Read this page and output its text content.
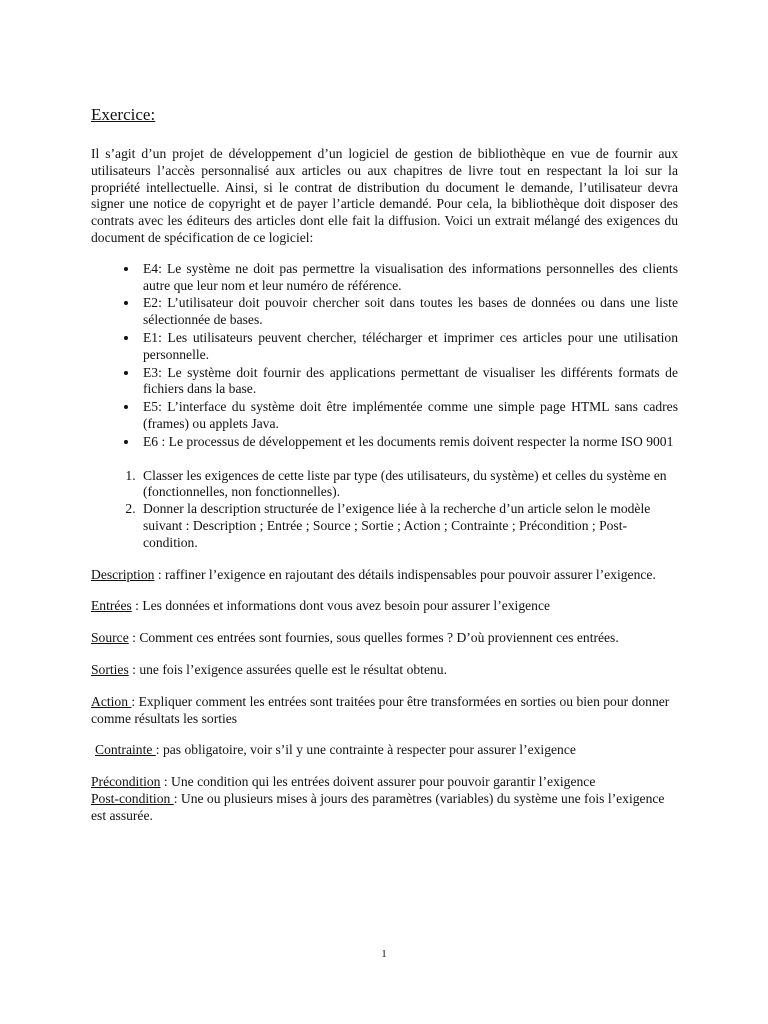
Exercice:

Il s’agit d’un projet de développement d’un logiciel de gestion de bibliothèque en vue de fournir aux utilisateurs l’accès personnalisé aux articles ou aux chapitres de livre tout en respectant la loi sur la propriété intellectuelle. Ainsi, si le contrat de distribution du document le demande, l’utilisateur devra signer une notice de copyright et de payer l’article demandé. Pour cela, la bibliothèque doit disposer des contrats avec les éditeurs des articles dont elle fait la diffusion. Voici un extrait mélangé des exigences du document de spécification de ce logiciel:

• E4: Le système ne doit pas permettre la visualisation des informations personnelles des clients autre que leur nom et leur numéro de référence.
• E2: L’utilisateur doit pouvoir chercher soit dans toutes les bases de données ou dans une liste sélectionnée de bases.
• E1: Les utilisateurs peuvent chercher, télécharger et imprimer ces articles pour une utilisation personnelle.
• E3: Le système doit fournir des applications permettant de visualiser les différents formats de fichiers dans la base.
• E5: L’interface du système doit être implémentée comme une simple page HTML sans cadres (frames) ou applets Java.
• E6 : Le processus de développement et les documents remis doivent respecter la norme ISO 9001
1. Classer les exigences de cette liste par type (des utilisateurs, du système) et celles du système en (fonctionnelles, non fonctionnelles).
2. Donner la description structurée de l’exigence liée à la recherche d’un article selon le modèle suivant : Description ; Entrée ; Source ; Sortie ; Action ; Contrainte ; Précondition ; Post-condition.

Description : raffiner l’exigence en rajoutant des détails indispensables pour pouvoir assurer l’exigence.

Entrées : Les données et informations dont vous avez besoin pour assurer l’exigence

Source : Comment ces entrées sont fournies, sous quelles formes ? D’où proviennent ces entrées.

Sorties : une fois l’exigence assurées quelle est le résultat obtenu.

Action : Expliquer comment les entrées sont traitées pour être transformées en sorties ou bien pour donner comme résultats les sorties

Contrainte : pas obligatoire, voir s’il y une contrainte à respecter pour assurer l’exigence

Précondition : Une condition qui les entrées doivent assurer pour pouvoir garantir l’exigence

Post-condition : Une ou plusieurs mises à jours des paramètres (variables) du système une fois l’exigence est assurée.

1
